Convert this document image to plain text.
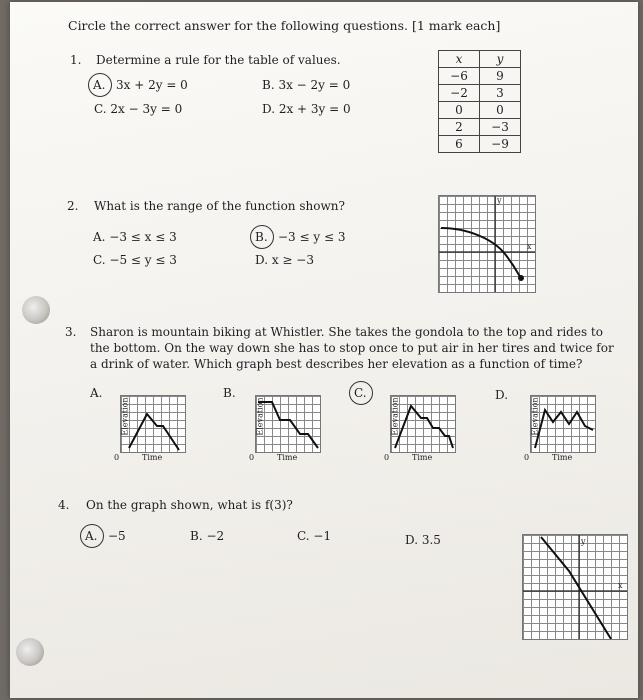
Circle the correct answer for the following questions. [1 mark each]
1. Determine a rule for the table of values.
A. 3x + 2y = 0	B. 3x − 2y = 0
C. 2x − 3y = 0	D. 2x + 3y = 0
x	y
−6	9
−2	3
0	0
2	−3
6	−9
2. What is the range of the function shown?
A. −3 ≤ x ≤ 3	B. −3 ≤ y ≤ 3
C. −5 ≤ y ≤ 3	D. x ≥ −3
y
x
3. Sharon is mountain biking at Whistler. She takes the gondola to the top and rides to
the bottom. On the way down she has to stop once to put air in her tires and twice for
a drink of water. Which graph best describes her elevation as a function of time?
A.	B.	C.	D.
Elevation
Time
0
Elevation
Time
0
Elevation
Time
0
Elevation
Time
0
4. On the graph shown, what is f(3)?
A. −5	B. −2	C. −1	D. 3.5	y
x
